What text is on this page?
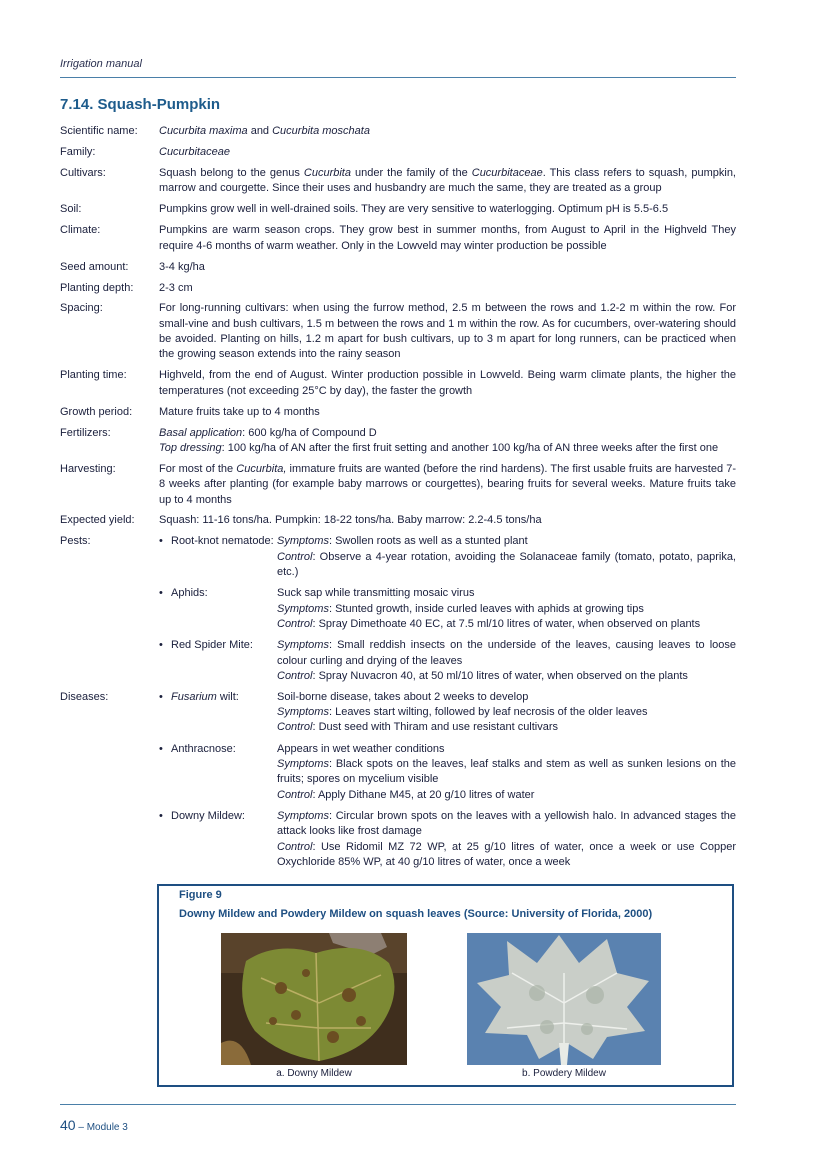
Irrigation manual
7.14. Squash-Pumpkin
Scientific name:	Cucurbita maxima and Cucurbita moschata
Family:	Cucurbitaceae
Cultivars:	Squash belong to the genus Cucurbita under the family of the Cucurbitaceae. This class refers to squash, pumpkin, marrow and courgette. Since their uses and husbandry are much the same, they are treated as a group
Soil:	Pumpkins grow well in well-drained soils. They are very sensitive to waterlogging. Optimum pH is 5.5-6.5
Climate:	Pumpkins are warm season crops. They grow best in summer months, from August to April in the Highveld They require 4-6 months of warm weather. Only in the Lowveld may winter production be possible
Seed amount:	3-4 kg/ha
Planting depth:	2-3 cm
Spacing:	For long-running cultivars: when using the furrow method, 2.5 m between the rows and 1.2-2 m within the row. For small-vine and bush cultivars, 1.5 m between the rows and 1 m within the row. As for cucumbers, over-watering should be avoided. Planting on hills, 1.2 m apart for bush cultivars, up to 3 m apart for long runners, can be practiced when the growing season extends into the rainy season
Planting time:	Highveld, from the end of August. Winter production possible in Lowveld. Being warm climate plants, the higher the temperatures (not exceeding 25°C by day), the faster the growth
Growth period:	Mature fruits take up to 4 months
Fertilizers:	Basal application: 600 kg/ha of Compound D

Top dressing: 100 kg/ha of AN after the first fruit setting and another 100 kg/ha of AN three weeks after the first one

Harvesting:	For most of the Cucurbita, immature fruits are wanted (before the rind hardens). The first usable fruits are harvested 7-8 weeks after planting (for example baby marrows or courgettes), bearing fruits for several weeks. Mature fruits take up to 4 months
Expected yield:	Squash: 11-16 tons/ha. Pumpkin: 18-22 tons/ha. Baby marrow: 2.2-4.5 tons/ha
Pests:	• Root-knot nematode: Symptoms: Swollen roots as well as a stunted plant

Control: Observe a 4-year rotation, avoiding the Solanaceae family (tomato, potato, paprika, etc.)

• Aphids:	Suck sap while transmitting mosaic virus

Symptoms: Stunted growth, inside curled leaves with aphids at growing tips

Control: Spray Dimethoate 40 EC, at 7.5 ml/10 litres of water, when observed on plants

• Red Spider Mite: Symptoms: Small reddish insects on the underside of the leaves, causing leaves to loose colour curling and drying of the leaves

Control: Spray Nuvacron 40, at 50 ml/10 litres of water, when observed on the plants

Diseases:	• Fusarium wilt:	Soil-borne disease, takes about 2 weeks to develop

Symptoms: Leaves start wilting, followed by leaf necrosis of the older leaves

Control: Dust seed with Thiram and use resistant cultivars

• Anthracnose:	Appears in wet weather conditions

Symptoms: Black spots on the leaves, leaf stalks and stem as well as sunken lesions on the fruits; spores on mycelium visible

Control: Apply Dithane M45, at 20 g/10 litres of water

• Downy Mildew:	Symptoms: Circular brown spots on the leaves with a yellowish halo. In advanced stages the attack looks like frost damage

Control: Use Ridomil MZ 72 WP, at 25 g/10 litres of water, once a week or use Copper Oxychloride 85% WP, at 40 g/10 litres of water, once a week

Figure 9
Downy Mildew and Powdery Mildew on squash leaves (Source: University of Florida, 2000)
a. Downy Mildew	b. Powdery Mildew
40 – Module 3
